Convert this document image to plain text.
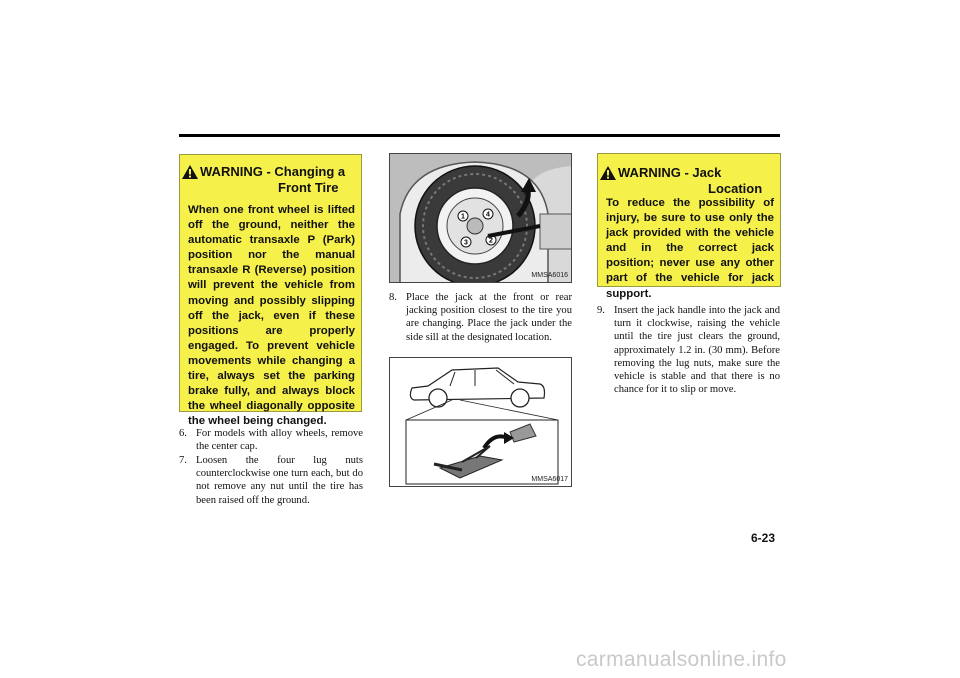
WARNING - Changing a
Front Tire
When one front wheel is lifted off the ground, neither the automatic transaxle P (Park) position nor the manual transaxle R (Reverse) position will prevent the vehicle from moving and possibly slipping off the jack, even if these positions are properly engaged. To prevent vehicle movements while changing a tire, always set the parking brake fully, and always block the wheel diagonally opposite the wheel being changed.
6. For models with alloy wheels, remove the center cap.
7. Loosen the four lug nuts counterclockwise one turn each, but do not remove any nut until the tire has been raised off the ground.
1	4
3	2
MMSA6016
8. Place the jack at the front or rear jacking position closest to the tire you are changing. Place the jack under the side sill at the designated location.
MMSA6017
WARNING - Jack
Location
To reduce the possibility of injury, be sure to use only the jack provided with the vehicle and in the correct jack position; never use any other part of the vehicle for jack support.
9. Insert the jack handle into the jack and turn it clockwise, raising the vehicle until the tire just clears the ground, approximately 1.2 in. (30 mm). Before removing the lug nuts, make sure the vehicle is stable and that there is no chance for it to slip or move.
6-23
carmanualsonline.info
